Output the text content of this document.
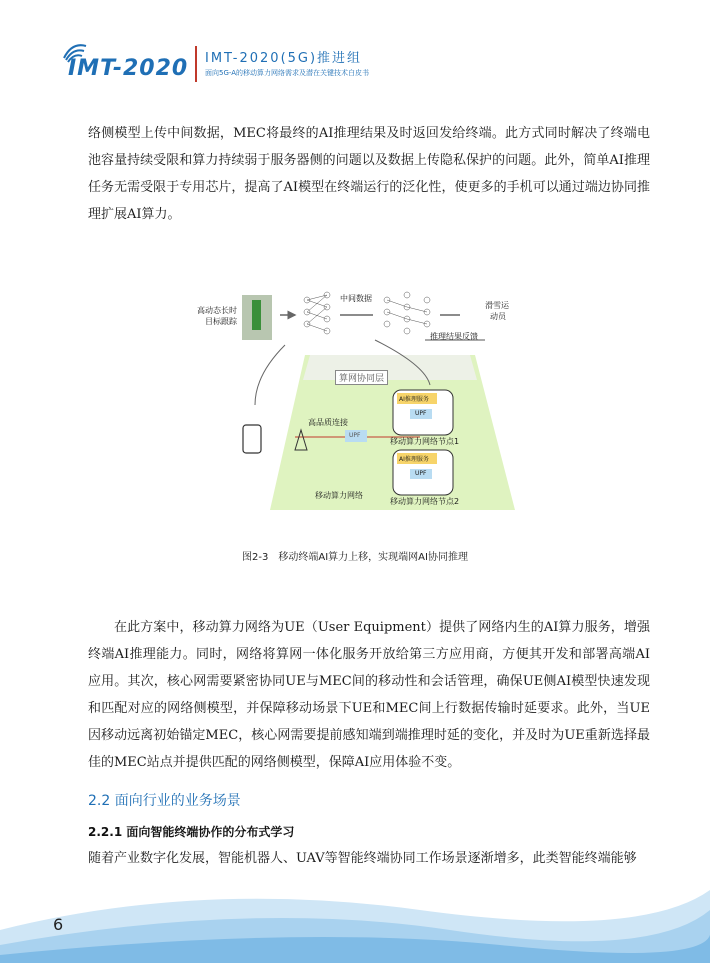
IMT-2020 IMT-2020(5G)推进组
面向5G-A的移动算力网络需求及潜在关键技术白皮书

络侧模型上传中间数据，MEC将最终的AI推理结果及时返回发给终端。此方式同时解决了终端电池容量持续受限和算力持续弱于服务器侧的问题以及数据上传隐私保护的问题。此外，简单AI推理任务无需受限于专用芯片，提高了AI模型在终端运行的泛化性，使更多的手机可以通过端边协同推理扩展AI算力。

高动态长时
目标跟踪
中间数据
滑雪运
动员
推理结果反馈
算网协同层
高品质连接
AI推理服务
UPF
UPF
移动算力网络节点1
AI推理服务
UPF
移动算力网络
移动算力网络节点2
图2-3　移动终端AI算力上移，实现端网AI协同推理

在此方案中，移动算力网络为UE（User Equipment）提供了网络内生的AI算力服务，增强终端AI推理能力。同时，网络将算网一体化服务开放给第三方应用商，方便其开发和部署高端AI应用。其次，核心网需要紧密协同UE与MEC间的移动性和会话管理，确保UE侧AI模型快速发现和匹配对应的网络侧模型，并保障移动场景下UE和MEC间上行数据传输时延要求。此外，当UE因移动远离初始锚定MEC，核心网需要提前感知端到端推理时延的变化，并及时为UE重新选择最佳的MEC站点并提供匹配的网络侧模型，保障AI应用体验不变。

2.2 面向行业的业务场景
2.2.1 面向智能终端协作的分布式学习

随着产业数字化发展，智能机器人、UAV等智能终端协同工作场景逐渐增多，此类智能终端能够

6
